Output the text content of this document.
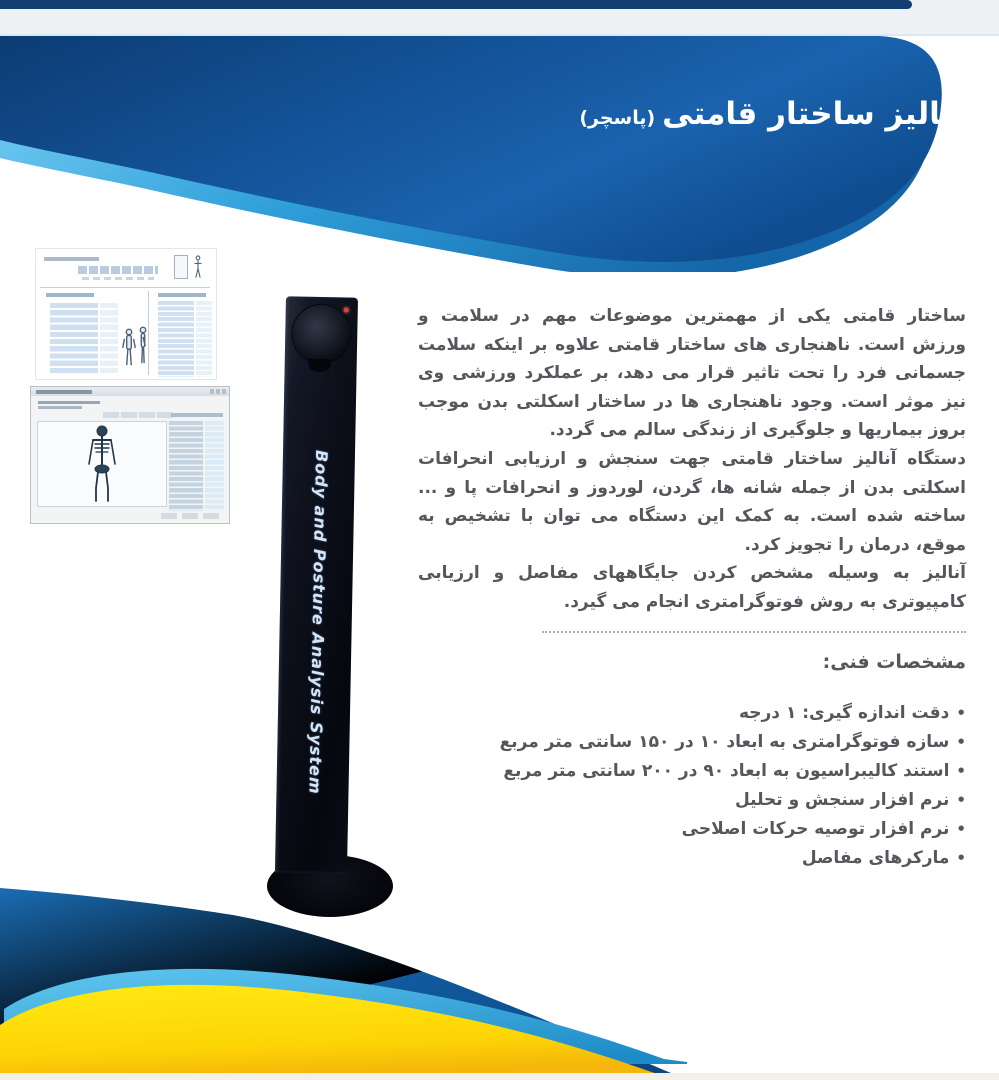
آنالیز ساختار قامتی(پاسچر)
Body and Posture Analysis System

ساختار قامتی یکی از مهمترین موضوعات مهم در سلامت و ورزش است. ناهنجاری های ساختار قامتی علاوه بر اینکه سلامت جسمانی فرد را تحت تاثیر قرار می دهد، بر عملکرد ورزشی وی نیز موثر است. وجود ناهنجاری ها در ساختار اسکلتی بدن موجب بروز بیماریها و جلوگیری از زندگی سالم می گردد.

دستگاه آنالیز ساختار قامتی جهت سنجش و ارزیابی انحرافات اسکلتی بدن از جمله شانه ها، گردن، لوردوز و انحرافات پا و ... ساخته شده است. به کمک این دستگاه می توان با تشخیص به موقع، درمان را تجویز کرد.

آنالیز به وسیله مشخص کردن جایگاههای مفاصل و ارزیابی کامپیوتری به روش فوتوگرامتری انجام می گیرد.

مشخصات فنی:
•دقت اندازه گیری: ۱ درجه
•سازه فوتوگرامتری به ابعاد ۱۰ در ۱۵۰ سانتی متر مربع
•استند کالیبراسیون به ابعاد ۹۰ در ۲۰۰ سانتی متر مربع
•نرم افزار سنجش و تحلیل
•نرم افزار توصیه حرکات اصلاحی
•مارکرهای مفاصل
